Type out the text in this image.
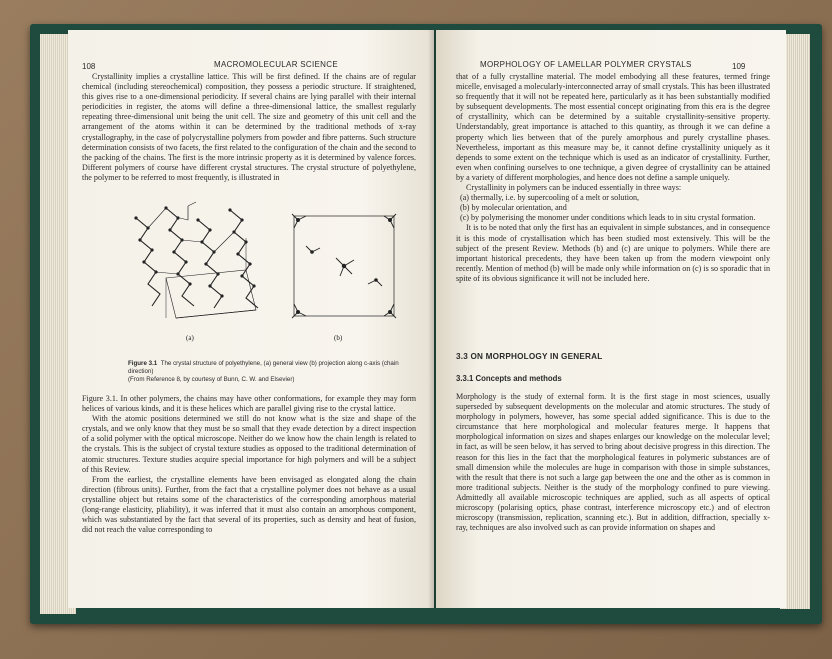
108	MACROMOLECULAR SCIENCE

Crystallinity implies a crystalline lattice. This will be first defined. If the chains are of regular chemical (including stereochemical) composition, they possess a periodic structure. If straightened, this gives rise to a one-dimensional periodicity. If several chains are lying parallel with their internal periodicities in register, the atoms will define a three-dimensional lattice, the smallest regularly repeating three-dimensional unit being the unit cell. The size and geometry of this unit cell and the arrangement of the atoms within it can be determined by the traditional methods of x-ray crystallography, in the case of polycrystalline polymers from powder and fibre patterns. Such structure determination consists of two facets, the first related to the configuration of the chain and the second to the packing of the chains. The first is the more intrinsic property as it is determined by valence forces. Different polymers of course have different crystal structures. The crystal structure of polyethylene, the polymer to be referred to most frequently, is illustrated in

(a)	(b)
Figure 3.1 The crystal structure of polyethylene, (a) general view (b) projection along c-axis (chain direction)
(From Reference 8, by courtesy of Bunn, C. W. and Elsevier)

Figure 3.1. In other polymers, the chains may have other conformations, for example they may form helices of various kinds, and it is these helices which are parallel giving rise to the crystal lattice.

With the atomic positions determined we still do not know what is the size and shape of the crystals, and we only know that they must be so small that they evade detection by a direct inspection of a solid polymer with the optical microscope. Neither do we know how the chain length is related to the crystals. This is the subject of crystal texture studies as opposed to the traditional determination of atomic structures. Texture studies acquire special importance for high polymers and will be a subject of this Review.

From the earliest, the crystalline elements have been envisaged as elongated along the chain direction (fibrous units). Further, from the fact that a crystalline polymer does not behave as a usual crystalline object but retains some of the characteristics of the corresponding amorphous material (long-range elasticity, pliability), it was inferred that it must also contain an amorphous component, which was substantiated by the fact that several of its properties, such as density and heat of fusion, did not reach the value corresponding to

MORPHOLOGY OF LAMELLAR POLYMER CRYSTALS	109

that of a fully crystalline material. The model embodying all these features, termed fringe micelle, envisaged a molecularly-interconnected array of small crystals. This has been illustrated so frequently that it will not be repeated here, particularly as it has been substantially modified by subsequent developments. The most essential concept originating from this era is the degree of crystallinity, which can be determined by a suitable crystallinity-sensitive property. Understandably, great importance is attached to this quantity, as through it we can define a property which lies between that of the purely amorphous and purely crystalline phases. Nevertheless, important as this measure may be, it cannot define crystallinity uniquely as it depends to some extent on the technique which is used as an indicator of crystallinity. Further, even when confining ourselves to one technique, a given degree of crystallinity can be attained by a variety of different morphologies, and hence does not define a sample uniquely.

Crystallinity in polymers can be induced essentially in three ways:

(a) thermally, i.e. by supercooling of a melt or solution,

(b) by molecular orientation, and

(c) by polymerising the monomer under conditions which leads to in situ crystal formation.

It is to be noted that only the first has an equivalent in simple substances, and in consequence it is this mode of crystallisation which has been studied most extensively. This will be the subject of the present Review. Methods (b) and (c) are unique to polymers. While there are important historical precedents, they have been taken up from the modern viewpoint only recently. Mention of method (b) will be made only while information on (c) is so sporadic that in spite of its obvious significance it will not be included here.

3.3 ON MORPHOLOGY IN GENERAL
3.3.1 Concepts and methods

Morphology is the study of external form. It is the first stage in most sciences, usually superseded by subsequent developments on the molecular and atomic structures. The study of morphology in polymers, however, has some special added significance. This is due to the circumstance that here morphological and molecular features merge. It happens that morphological information on sizes and shapes enlarges our knowledge on the molecular level; in fact, as will be seen below, it has served to bring about decisive progress in this direction. The reason for this lies in the fact that the morphological features in polymeric substances are of small dimension while the molecules are huge in comparison with those in simple substances, with the result that there is not such a large gap between the one and the other as is common in more traditional subjects. Neither is the study of the morphology confined to pure viewing. Admittedly all available microscopic techniques are applied, such as all aspects of optical microscopy (polarising optics, phase contrast, interference microscopy etc.) and of electron microscopy (transmission, replication, scanning etc.). But in addition, diffraction, specially x-ray, techniques are also involved such as can provide information on shapes and
